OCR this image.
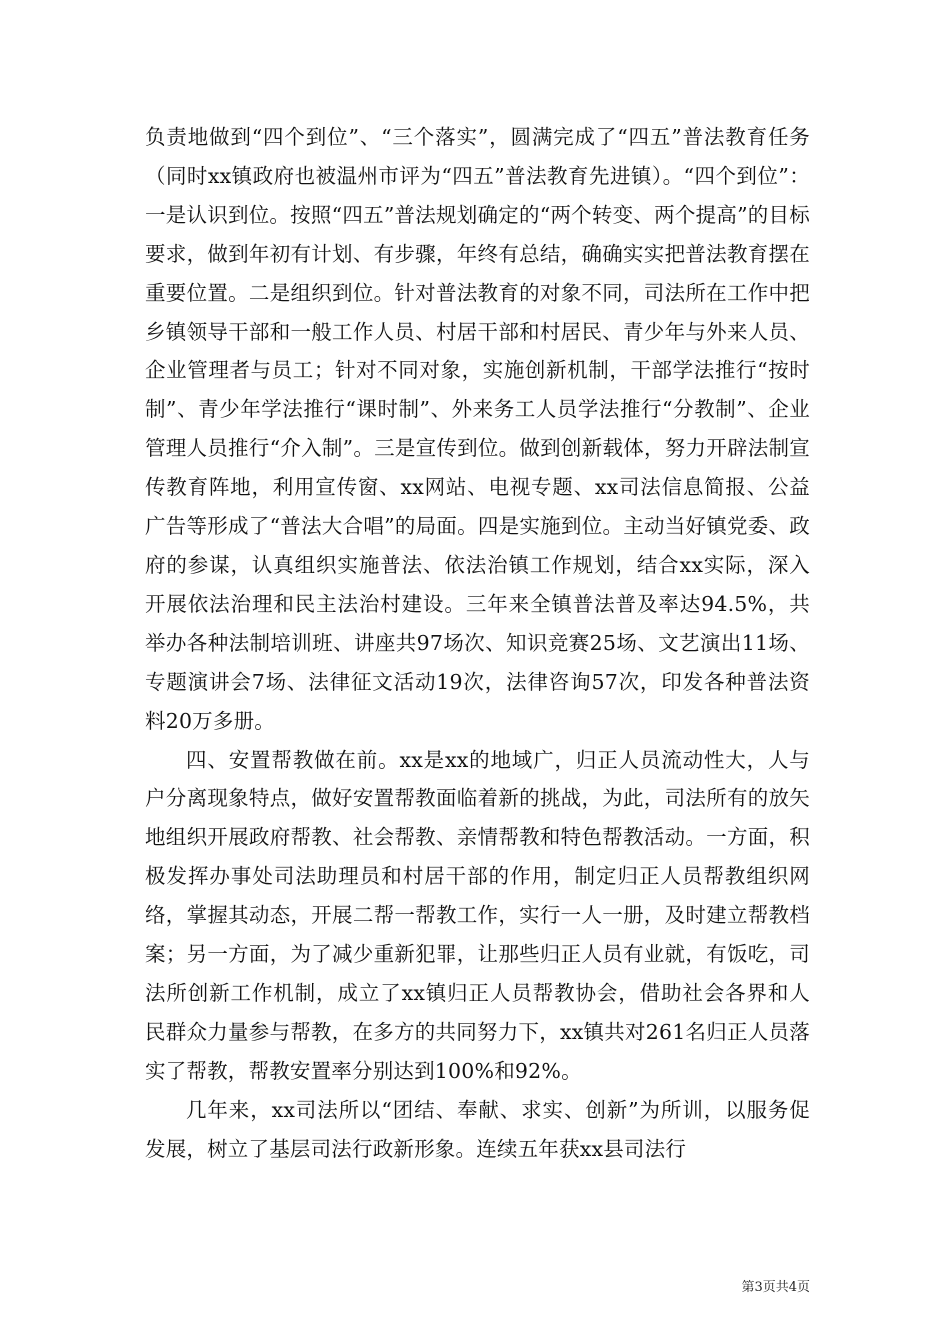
负责地做到“四个到位”、“三个落实”，圆满完成了“四五”普法教育任务（同时xx镇政府也被温州市评为“四五”普法教育先进镇）。“四个到位”：一是认识到位。按照“四五”普法规划确定的“两个转变、两个提高”的目标要求，做到年初有计划、有步骤，年终有总结，确确实实把普法教育摆在重要位置。二是组织到位。针对普法教育的对象不同，司法所在工作中把乡镇领导干部和一般工作人员、村居干部和村居民、青少年与外来人员、企业管理者与员工；针对不同对象，实施创新机制，干部学法推行“按时制”、青少年学法推行“课时制”、外来务工人员学法推行“分教制”、企业管理人员推行“介入制”。三是宣传到位。做到创新载体，努力开辟法制宣传教育阵地，利用宣传窗、xx网站、电视专题、xx司法信息简报、公益广告等形成了“普法大合唱”的局面。四是实施到位。主动当好镇党委、政府的参谋，认真组织实施普法、依法治镇工作规划，结合xx实际，深入开展依法治理和民主法治村建设。三年来全镇普法普及率达94.5%，共举办各种法制培训班、讲座共97场次、知识竞赛25场、文艺演出11场、专题演讲会7场、法律征文活动19次，法律咨询57次，印发各种普法资料20万多册。

四、安置帮教做在前。xx是xx的地域广，归正人员流动性大，人与户分离现象特点，做好安置帮教面临着新的挑战，为此，司法所有的放矢地组织开展政府帮教、社会帮教、亲情帮教和特色帮教活动。一方面，积极发挥办事处司法助理员和村居干部的作用，制定归正人员帮教组织网络，掌握其动态，开展二帮一帮教工作，实行一人一册，及时建立帮教档案；另一方面，为了减少重新犯罪，让那些归正人员有业就，有饭吃，司法所创新工作机制，成立了xx镇归正人员帮教协会，借助社会各界和人民群众力量参与帮教，在多方的共同努力下，xx镇共对261名归正人员落实了帮教，帮教安置率分别达到100%和92%。

几年来，xx司法所以“团结、奉献、求实、创新”为所训，以服务促发展，树立了基层司法行政新形象。连续五年获xx县司法行

第3页共4页
